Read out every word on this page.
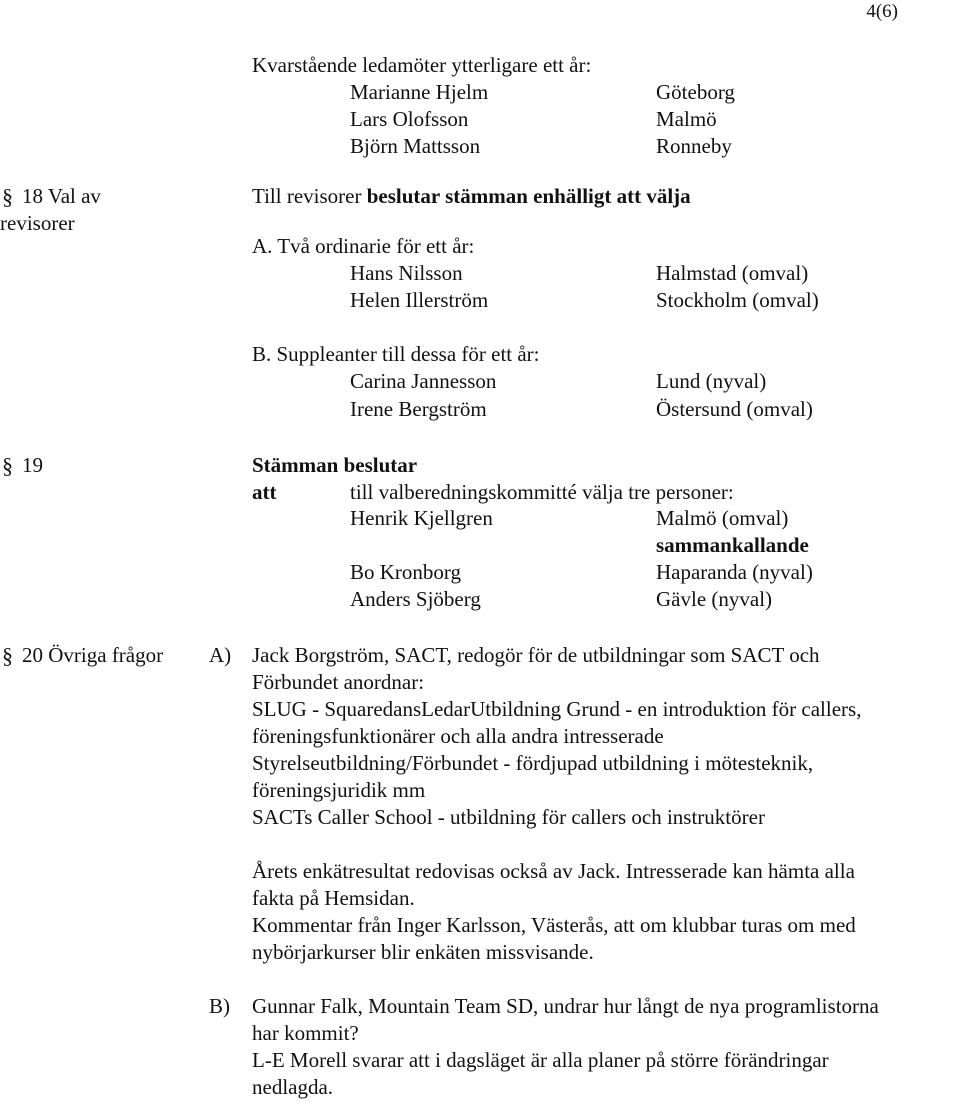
4(6)
Kvarstående ledamöter ytterligare ett år:
Marianne Hjelm	Göteborg
Lars Olofsson	Malmö
Björn Mattsson	Ronneby
§ 18 Val av
revisorer
Till revisorer beslutar stämman enhälligt att välja
A. Två ordinarie för ett år:
Hans Nilsson	Halmstad (omval)
Helen Illerström	Stockholm (omval)
B. Suppleanter till dessa för ett år:
Carina Jannesson	Lund (nyval)
Irene Bergström	Östersund (omval)
§ 19	Stämman beslutar
att	till valberedningskommitté välja tre personer:
Henrik Kjellgren	Malmö (omval)
sammankallande
Bo Kronborg	Haparanda (nyval)
Anders Sjöberg	Gävle (nyval)
§ 20 Övriga frågor A) Jack Borgström, SACT, redogör för de utbildningar som SACT och
Förbundet anordnar:
SLUG - SquaredansLedarUtbildning Grund - en introduktion för callers,
föreningsfunktionärer och alla andra intresserade
Styrelseutbildning/Förbundet - fördjupad utbildning i mötesteknik,
föreningsjuridik mm
SACTs Caller School - utbildning för callers och instruktörer
Årets enkätresultat redovisas också av Jack. Intresserade kan hämta alla
fakta på Hemsidan.
Kommentar från Inger Karlsson, Västerås, att om klubbar turas om med
nybörjarkurser blir enkäten missvisande.
B) Gunnar Falk, Mountain Team SD, undrar hur långt de nya programlistorna
har kommit?
L-E Morell svarar att i dagsläget är alla planer på större förändringar
nedlagda.
